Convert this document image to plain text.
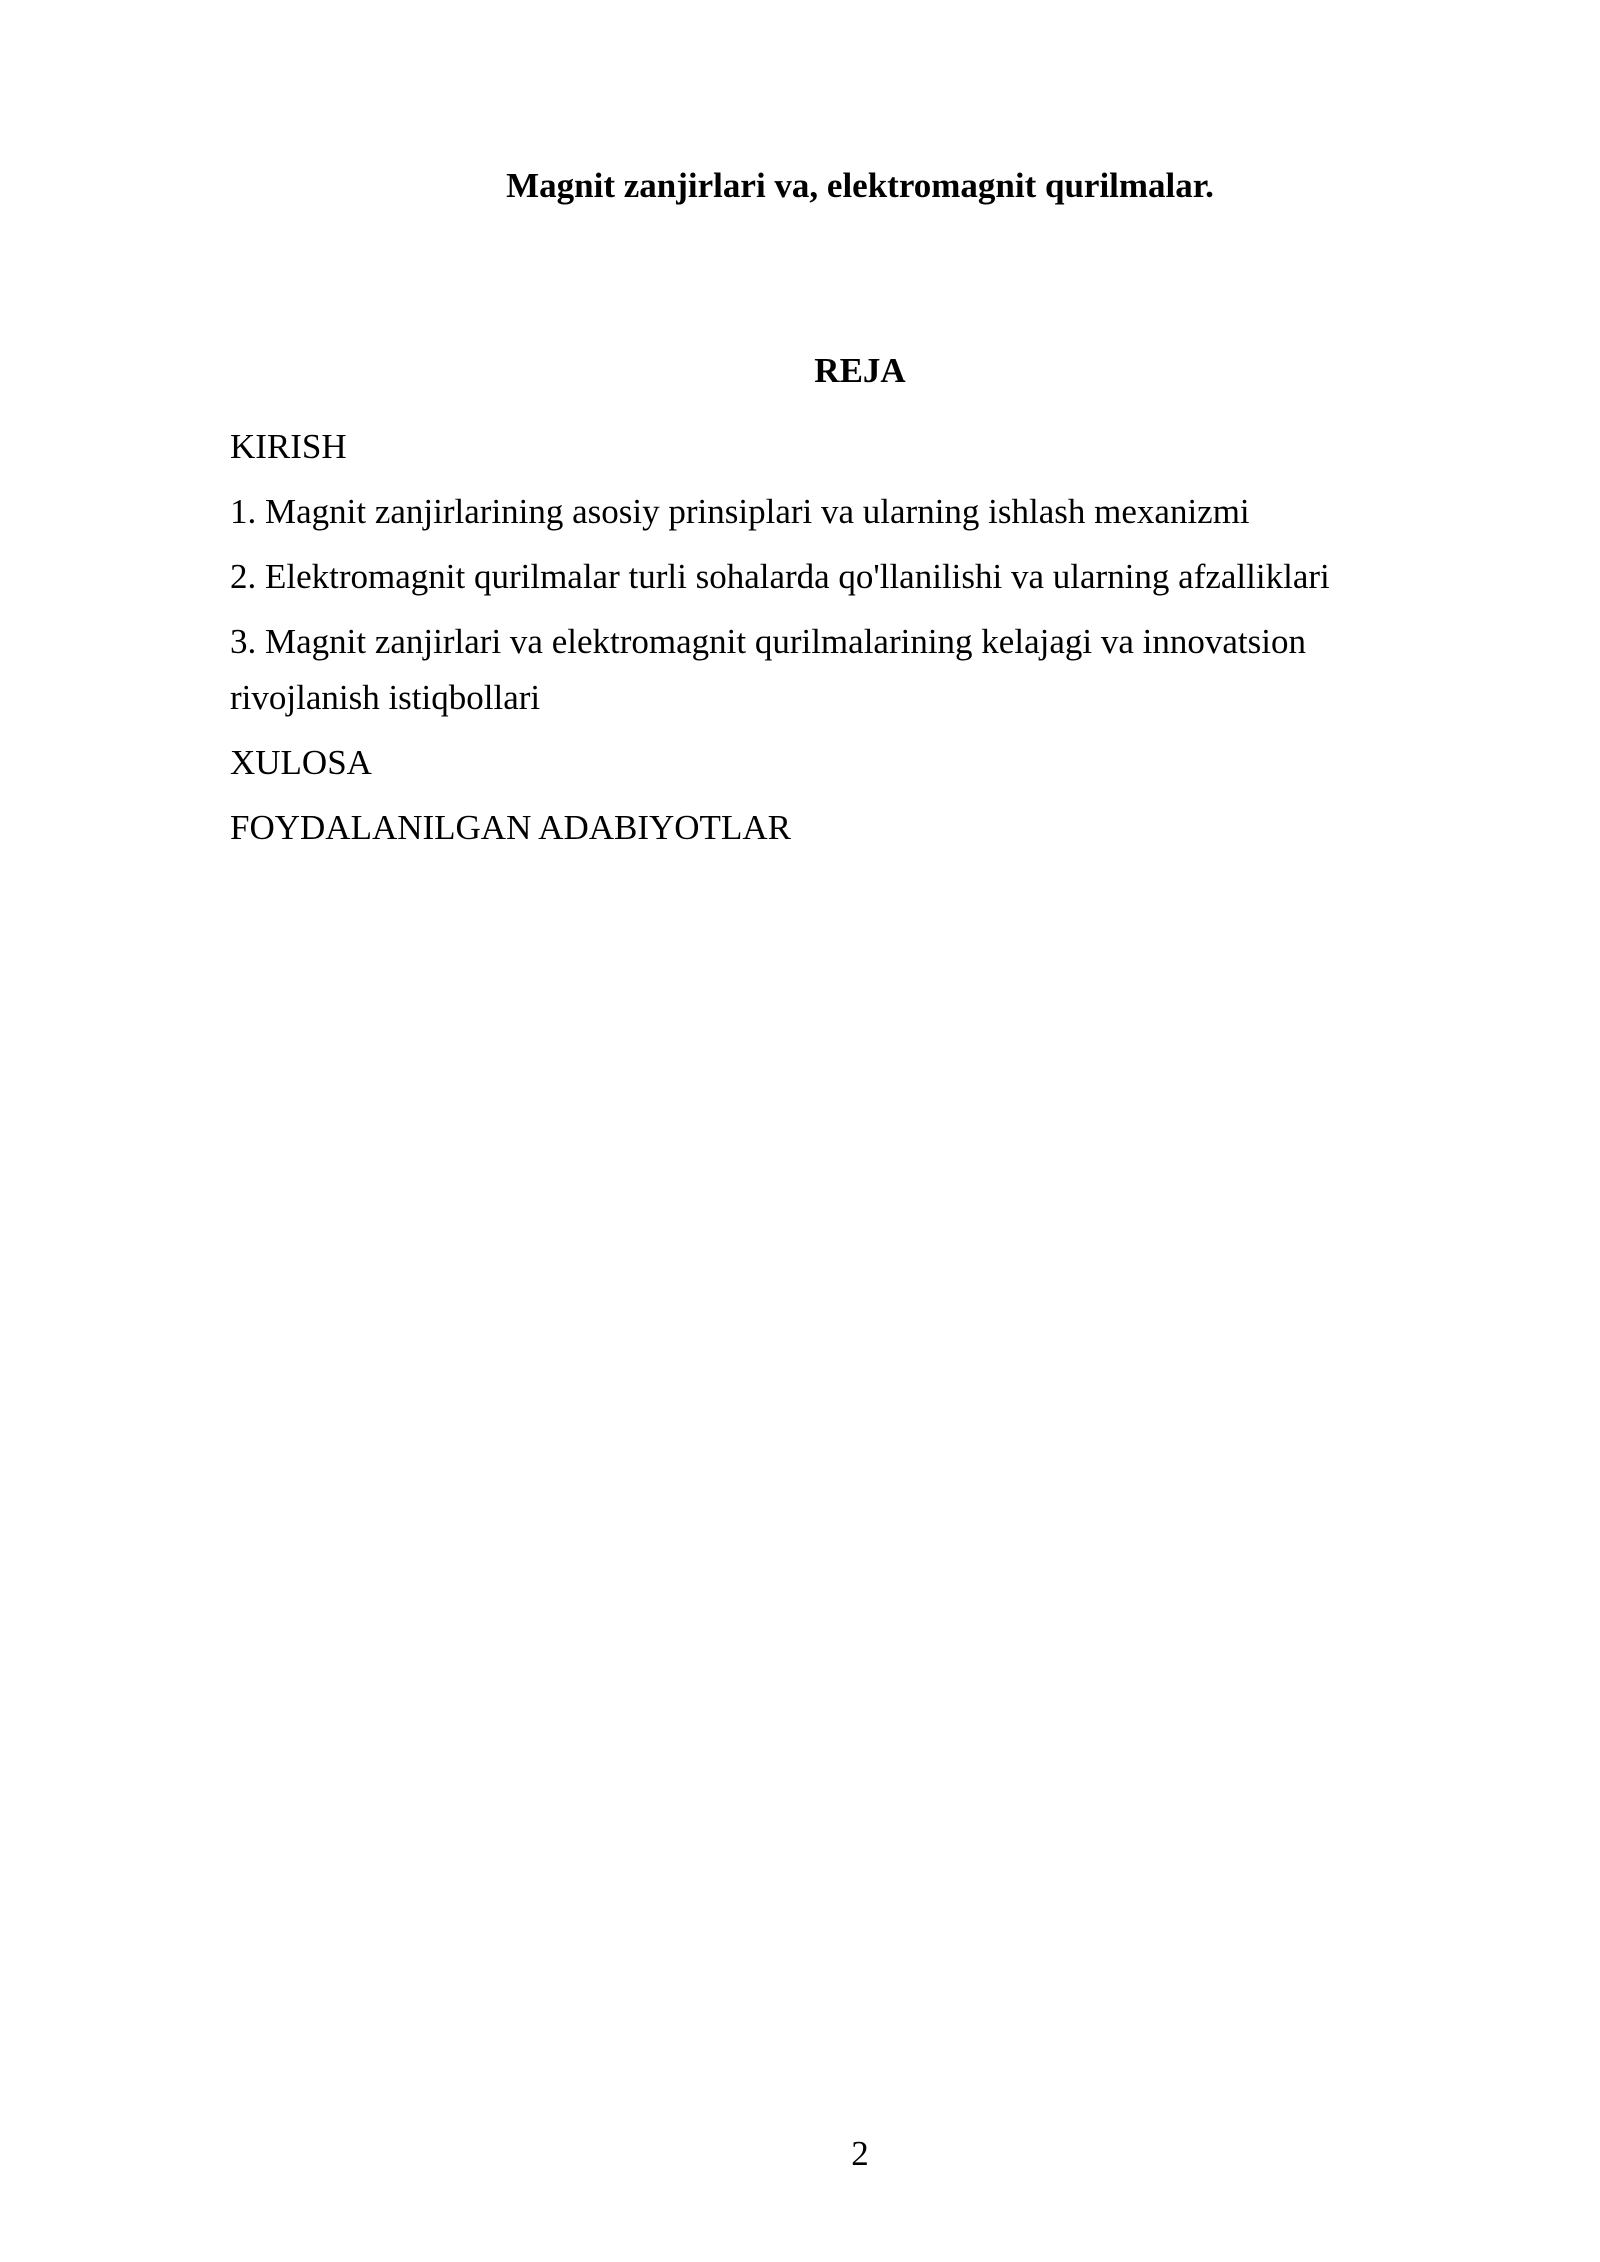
Magnit zanjirlari va, elektromagnit qurilmalar.
REJA
KIRISH
1. Magnit zanjirlarining asosiy prinsiplari va ularning ishlash mexanizmi
2. Elektromagnit qurilmalar turli sohalarda qo'llanilishi va ularning afzalliklari
3. Magnit zanjirlari va elektromagnit qurilmalarining kelajagi va innovatsion rivojlanish istiqbollari
XULOSA
FOYDALANILGAN ADABIYOTLAR
2
